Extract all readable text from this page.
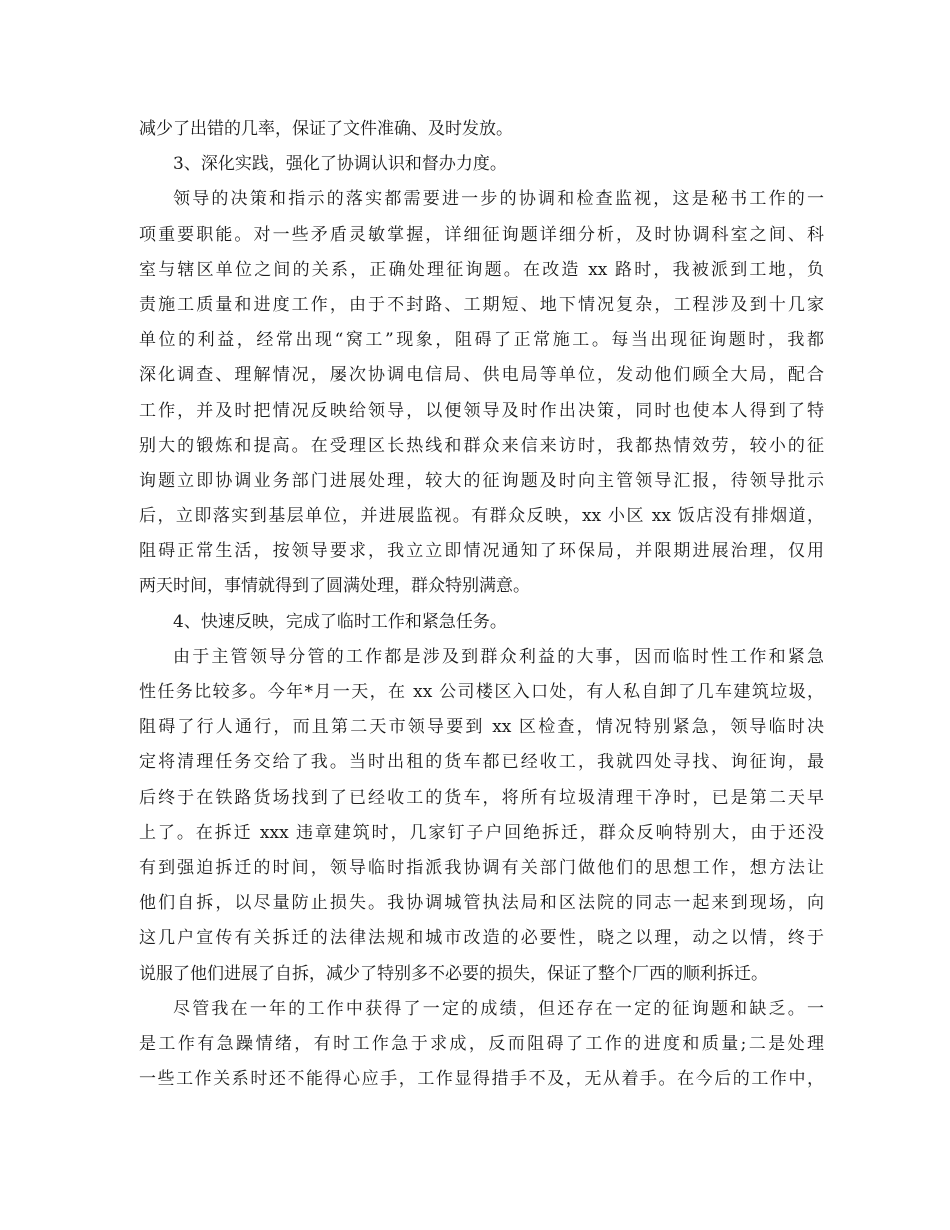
减少了出错的几率，保证了文件准确、及时发放。
3、深化实践，强化了协调认识和督办力度。
领导的决策和指示的落实都需要进一步的协调和检查监视，这是秘书工作的一
项重要职能。对一些矛盾灵敏掌握，详细征询题详细分析，及时协调科室之间、科
室与辖区单位之间的关系，正确处理征询题。在改造 xx 路时，我被派到工地，负
责施工质量和进度工作，由于不封路、工期短、地下情况复杂，工程涉及到十几家
单位的利益，经常出现“窝工”现象，阻碍了正常施工。每当出现征询题时，我都
深化调查、理解情况，屡次协调电信局、供电局等单位，发动他们顾全大局，配合
工作，并及时把情况反映给领导，以便领导及时作出决策，同时也使本人得到了特
别大的锻炼和提高。在受理区长热线和群众来信来访时，我都热情效劳，较小的征
询题立即协调业务部门进展处理，较大的征询题及时向主管领导汇报，待领导批示
后，立即落实到基层单位，并进展监视。有群众反映，xx 小区 xx 饭店没有排烟道，
阻碍正常生活，按领导要求，我立立即情况通知了环保局，并限期进展治理，仅用
两天时间，事情就得到了圆满处理，群众特别满意。
4、快速反映，完成了临时工作和紧急任务。
由于主管领导分管的工作都是涉及到群众利益的大事，因而临时性工作和紧急
性任务比较多。今年*月一天，在 xx 公司楼区入口处，有人私自卸了几车建筑垃圾，
阻碍了行人通行，而且第二天市领导要到 xx 区检查，情况特别紧急，领导临时决
定将清理任务交给了我。当时出租的货车都已经收工，我就四处寻找、询征询，最
后终于在铁路货场找到了已经收工的货车，将所有垃圾清理干净时，已是第二天早
上了。在拆迁 xxx 违章建筑时，几家钉子户回绝拆迁，群众反响特别大，由于还没
有到强迫拆迁的时间，领导临时指派我协调有关部门做他们的思想工作，想方法让
他们自拆，以尽量防止损失。我协调城管执法局和区法院的同志一起来到现场，向
这几户宣传有关拆迁的法律法规和城市改造的必要性，晓之以理，动之以情，终于
说服了他们进展了自拆，减少了特别多不必要的损失，保证了整个厂西的顺利拆迁。
尽管我在一年的工作中获得了一定的成绩，但还存在一定的征询题和缺乏。一
是工作有急躁情绪，有时工作急于求成，反而阻碍了工作的进度和质量;二是处理
一些工作关系时还不能得心应手，工作显得措手不及，无从着手。在今后的工作中，
